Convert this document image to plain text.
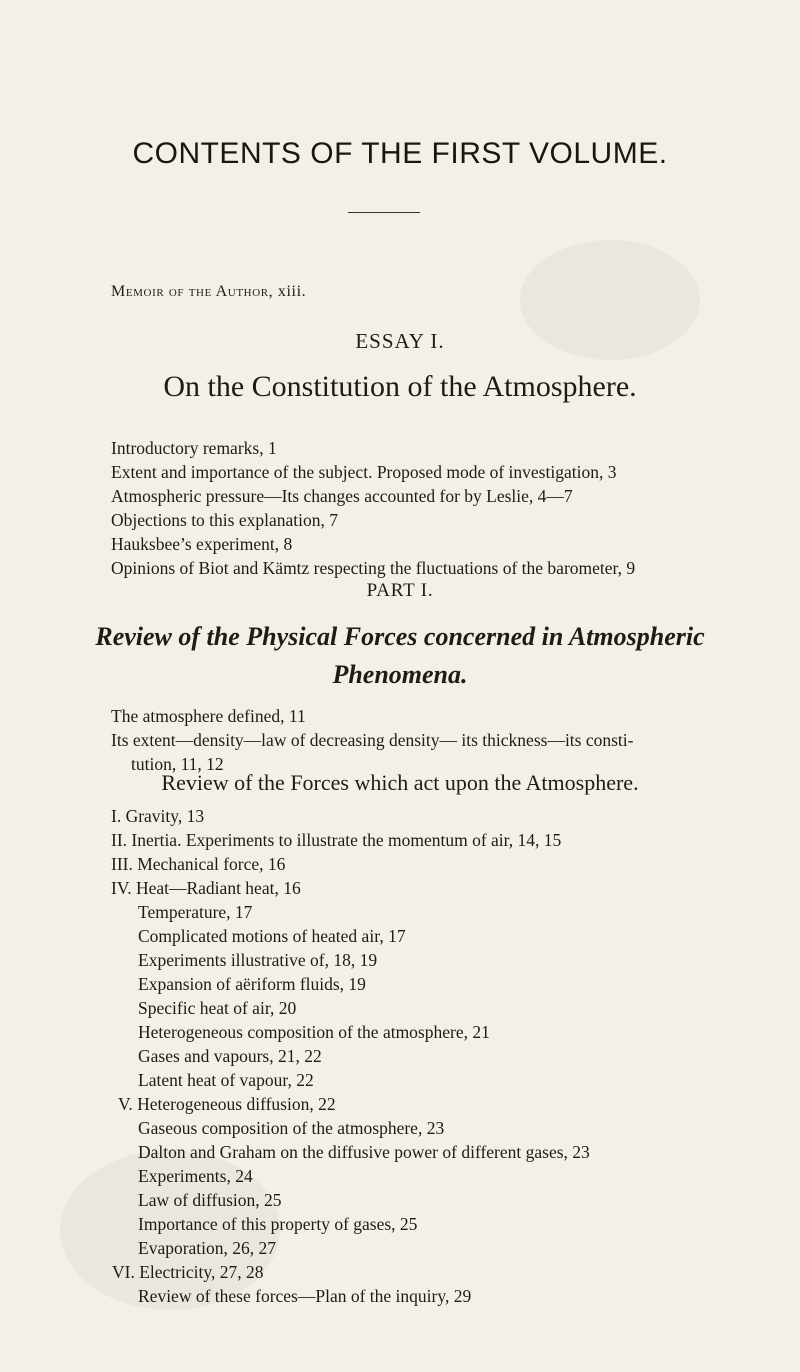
CONTENTS OF THE FIRST VOLUME.
Memoir of the Author, xiii.
ESSAY I.
On the Constitution of the Atmosphere.
Introductory remarks, 1
Extent and importance of the subject. Proposed mode of investigation, 3
Atmospheric pressure—Its changes accounted for by Leslie, 4—7
Objections to this explanation, 7
Hauksbee’s experiment, 8
Opinions of Biot and Kämtz respecting the fluctuations of the barometer, 9
PART I.
Review of the Physical Forces concerned in Atmospheric
Phenomena.
The atmosphere defined, 11
Its extent—density—law of decreasing density— its thickness—its consti-
tution, 11, 12
Review of the Forces which act upon the Atmosphere.
I. Gravity, 13
II. Inertia. Experiments to illustrate the momentum of air, 14, 15
III. Mechanical force, 16
IV. Heat—Radiant heat, 16
Temperature, 17
Complicated motions of heated air, 17
Experiments illustrative of, 18, 19
Expansion of aëriform fluids, 19
Specific heat of air, 20
Heterogeneous composition of the atmosphere, 21
Gases and vapours, 21, 22
Latent heat of vapour, 22
V. Heterogeneous diffusion, 22
Gaseous composition of the atmosphere, 23
Dalton and Graham on the diffusive power of different gases, 23
Experiments, 24
Law of diffusion, 25
Importance of this property of gases, 25
Evaporation, 26, 27
VI. Electricity, 27, 28
Review of these forces—Plan of the inquiry, 29
